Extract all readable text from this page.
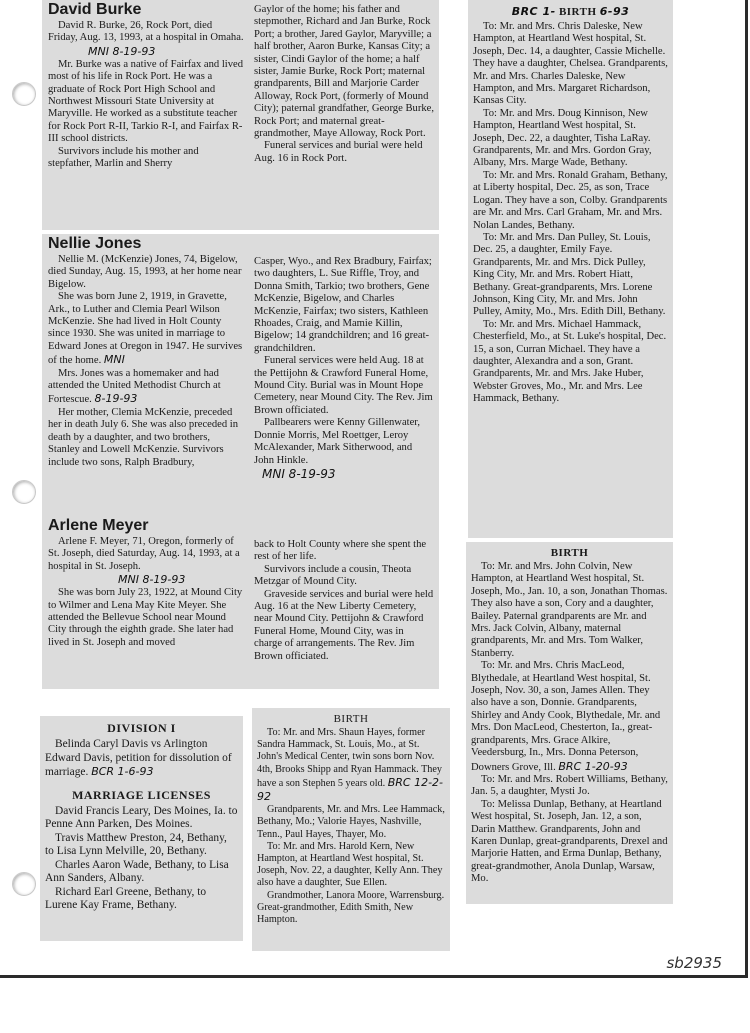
David Burke

David R. Burke, 26, Rock Port, died Friday, Aug. 13, 1993, at a hospital in Omaha.

MNI 8-19-93

Mr. Burke was a native of Fairfax and lived most of his life in Rock Port. He was a graduate of Rock Port High School and Northwest Missouri State University at Maryville. He worked as a substitute teacher for Rock Port R-II, Tarkio R-I, and Fairfax R-III school districts.

Survivors include his mother and stepfather, Marlin and Sherry

Gaylor of the home; his father and stepmother, Richard and Jan Burke, Rock Port; a brother, Jared Gaylor, Maryville; a half brother, Aaron Burke, Kansas City; a sister, Cindi Gaylor of the home; a half sister, Jamie Burke, Rock Port; maternal grandparents, Bill and Marjorie Carder Alloway, Rock Port, (formerly of Mound City); paternal grandfather, George Burke, Rock Port; and maternal great-grandmother, Maye Alloway, Rock Port.

Funeral services and burial were held Aug. 16 in Rock Port.

Nellie Jones

Nellie M. (McKenzie) Jones, 74, Bigelow, died Sunday, Aug. 15, 1993, at her home near Bigelow.

She was born June 2, 1919, in Gravette, Ark., to Luther and Clemia Pearl Wilson McKenzie. She had lived in Holt County since 1930. She was united in marriage to Edward Jones at Oregon in 1947. He survives of the home. MNI

Mrs. Jones was a homemaker and had attended the United Methodist Church at Fortescue. 8-19-93

Her mother, Clemia McKenzie, preceded her in death July 6. She was also preceded in death by a daughter, and two brothers, Stanley and Lowell McKenzie. Survivors include two sons, Ralph Bradbury,

Casper, Wyo., and Rex Bradbury, Fairfax; two daughters, L. Sue Riffle, Troy, and Donna Smith, Tarkio; two brothers, Gene McKenzie, Bigelow, and Charles McKenzie, Fairfax; two sisters, Kathleen Rhoades, Craig, and Mamie Killin, Bigelow; 14 grandchildren; and 16 great-grandchildren.

Funeral services were held Aug. 18 at the Pettijohn & Crawford Funeral Home, Mound City. Burial was in Mount Hope Cemetery, near Mound City. The Rev. Jim Brown officiated.

Pallbearers were Kenny Gillenwater, Donnie Morris, Mel Roettger, Leroy McAlexander, Mark Sitherwood, and John Hinkle.

MNI 8-19-93
Arlene Meyer

Arlene F. Meyer, 71, Oregon, formerly of St. Joseph, died Saturday, Aug. 14, 1993, at a hospital in St. Joseph.

MNI 8-19-93

She was born July 23, 1922, at Mound City to Wilmer and Lena May Kite Meyer. She attended the Bellevue School near Mound City through the eighth grade. She later had lived in St. Joseph and moved

back to Holt County where she spent the rest of her life.

Survivors include a cousin, Theota Metzgar of Mound City.

Graveside services and burial were held Aug. 16 at the New Liberty Cemetery, near Mound City. Pettijohn & Crawford Funeral Home, Mound City, was in charge of arrangements. The Rev. Jim Brown officiated.

BRC 1- BIRTH 6-93

To: Mr. and Mrs. Chris Daleske, New Hampton, at Heartland West hospital, St. Joseph, Dec. 14, a daughter, Cassie Michelle. They have a daughter, Chelsea. Grandparents, Mr. and Mrs. Charles Daleske, New Hampton, and Mrs. Margaret Richardson, Kansas City.

To: Mr. and Mrs. Doug Kinnison, New Hampton, Heartland West hospital, St. Joseph, Dec. 22, a daughter, Tisha LaRay. Grandparents, Mr. and Mrs. Gordon Gray, Albany, Mrs. Marge Wade, Bethany.

To: Mr. and Mrs. Ronald Graham, Bethany, at Liberty hospital, Dec. 25, as son, Trace Logan. They have a son, Colby. Grandparents are Mr. and Mrs. Carl Graham, Mr. and Mrs. Nolan Landes, Bethany.

To: Mr. and Mrs. Dan Pulley, St. Louis, Dec. 25, a daughter, Emily Faye. Grandparents, Mr. and Mrs. Dick Pulley, King City, Mr. and Mrs. Robert Hiatt, Bethany. Great-grandparents, Mrs. Lorene Johnson, King City, Mr. and Mrs. John Pulley, Amity, Mo., Mrs. Edith Dill, Bethany.

To: Mr. and Mrs. Michael Hammack, Chesterfield, Mo., at St. Luke's hospital, Dec. 15, a son, Curran Michael. They have a daughter, Alexandra and a son, Grant. Grandparents, Mr. and Mrs. Jake Huber, Webster Groves, Mo., Mr. and Mrs. Lee Hammack, Bethany.

BIRTH

To: Mr. and Mrs. John Colvin, New Hampton, at Heartland West hospital, St. Joseph, Mo., Jan. 10, a son, Jonathan Thomas. They also have a son, Cory and a daughter, Bailey. Paternal grandparents are Mr. and Mrs. Jack Colvin, Albany, maternal grandparents, Mr. and Mrs. Tom Walker, Stanberry.

To: Mr. and Mrs. Chris MacLeod, Blythedale, at Heartland West hospital, St. Joseph, Nov. 30, a son, James Allen. They also have a son, Donnie. Grandparents, Shirley and Andy Cook, Blythedale, Mr. and Mrs. Don MacLeod, Chesterton, Ia., great-grandparents, Mrs. Grace Alkire, Veedersburg, In., Mrs. Donna Peterson, Downers Grove, Ill. BRC 1-20-93

To: Mr. and Mrs. Robert Williams, Bethany, Jan. 5, a daughter, Mysti Jo.

To: Melissa Dunlap, Bethany, at Heartland West hospital, St. Joseph, Jan. 12, a son, Darin Matthew. Grandparents, John and Karen Dunlap, great-grandparents, Drexel and Marjorie Hatten, and Erma Dunlap, Bethany, great-grandmother, Anola Dunlap, Warsaw, Mo.

DIVISION I

Belinda Caryl Davis vs Arlington Edward Davis, petition for dissolution of marriage. BCR 1-6-93

MARRIAGE LICENSES

David Francis Leary, Des Moines, Ia. to Penne Ann Parken, Des Moines.

Travis Matthew Preston, 24, Bethany, to Lisa Lynn Melville, 20, Bethany.

Charles Aaron Wade, Bethany, to Lisa Ann Sanders, Albany.

Richard Earl Greene, Bethany, to Lurene Kay Frame, Bethany.

BIRTH

To: Mr. and Mrs. Shaun Hayes, former Sandra Hammack, St. Louis, Mo., at St. John's Medical Center, twin sons born Nov. 4th, Brooks Shipp and Ryan Hammack. They have a son Stephen 5 years old. BRC 12-2-92

Grandparents, Mr. and Mrs. Lee Hammack, Bethany, Mo.; Valorie Hayes, Nashville, Tenn., Paul Hayes, Thayer, Mo.

To: Mr. and Mrs. Harold Kern, New Hampton, at Heartland West hospital, St. Joseph, Nov. 22, a daughter, Kelly Ann. They also have a daughter, Sue Ellen.

Grandmother, Lanora Moore, Warrensburg. Great-grandmother, Edith Smith, New Hampton.

sb2935
